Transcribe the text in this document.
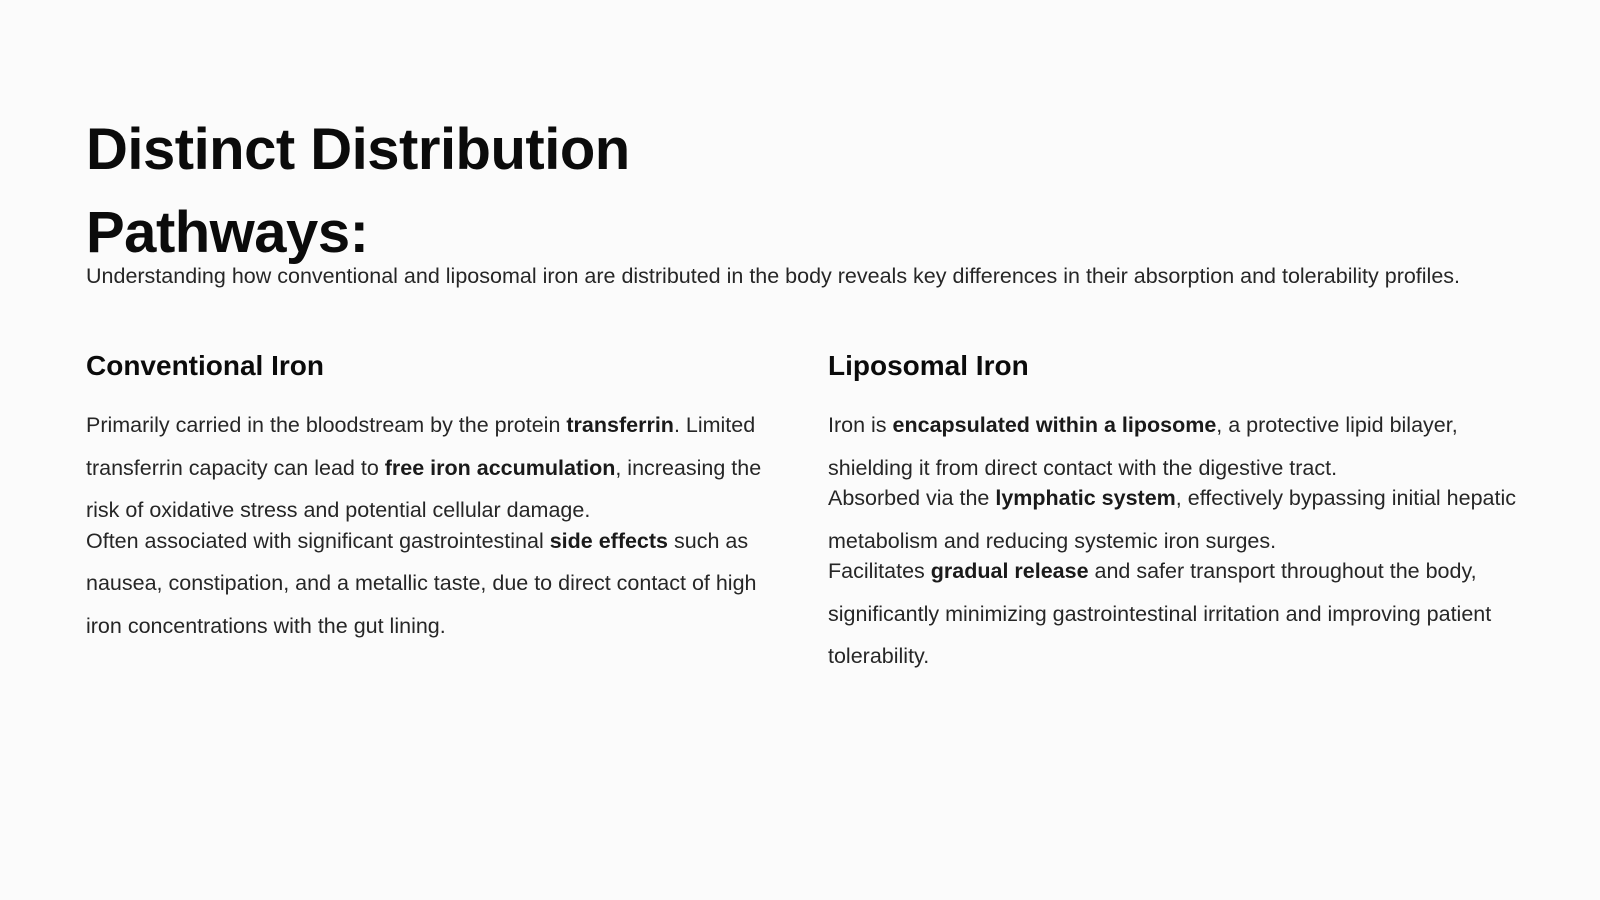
Distinct Distribution Pathways:

Understanding how conventional and liposomal iron are distributed in the body reveals key differences in their absorption and tolerability profiles.

Conventional Iron

Primarily carried in the bloodstream by the protein transferrin. Limited transferrin capacity can lead to free iron accumulation, increasing the risk of oxidative stress and potential cellular damage.

Often associated with significant gastrointestinal side effects such as nausea, constipation, and a metallic taste, due to direct contact of high iron concentrations with the gut lining.

Liposomal Iron

Iron is encapsulated within a liposome, a protective lipid bilayer, shielding it from direct contact with the digestive tract.

Absorbed via the lymphatic system, effectively bypassing initial hepatic metabolism and reducing systemic iron surges.

Facilitates gradual release and safer transport throughout the body, significantly minimizing gastrointestinal irritation and improving patient tolerability.
